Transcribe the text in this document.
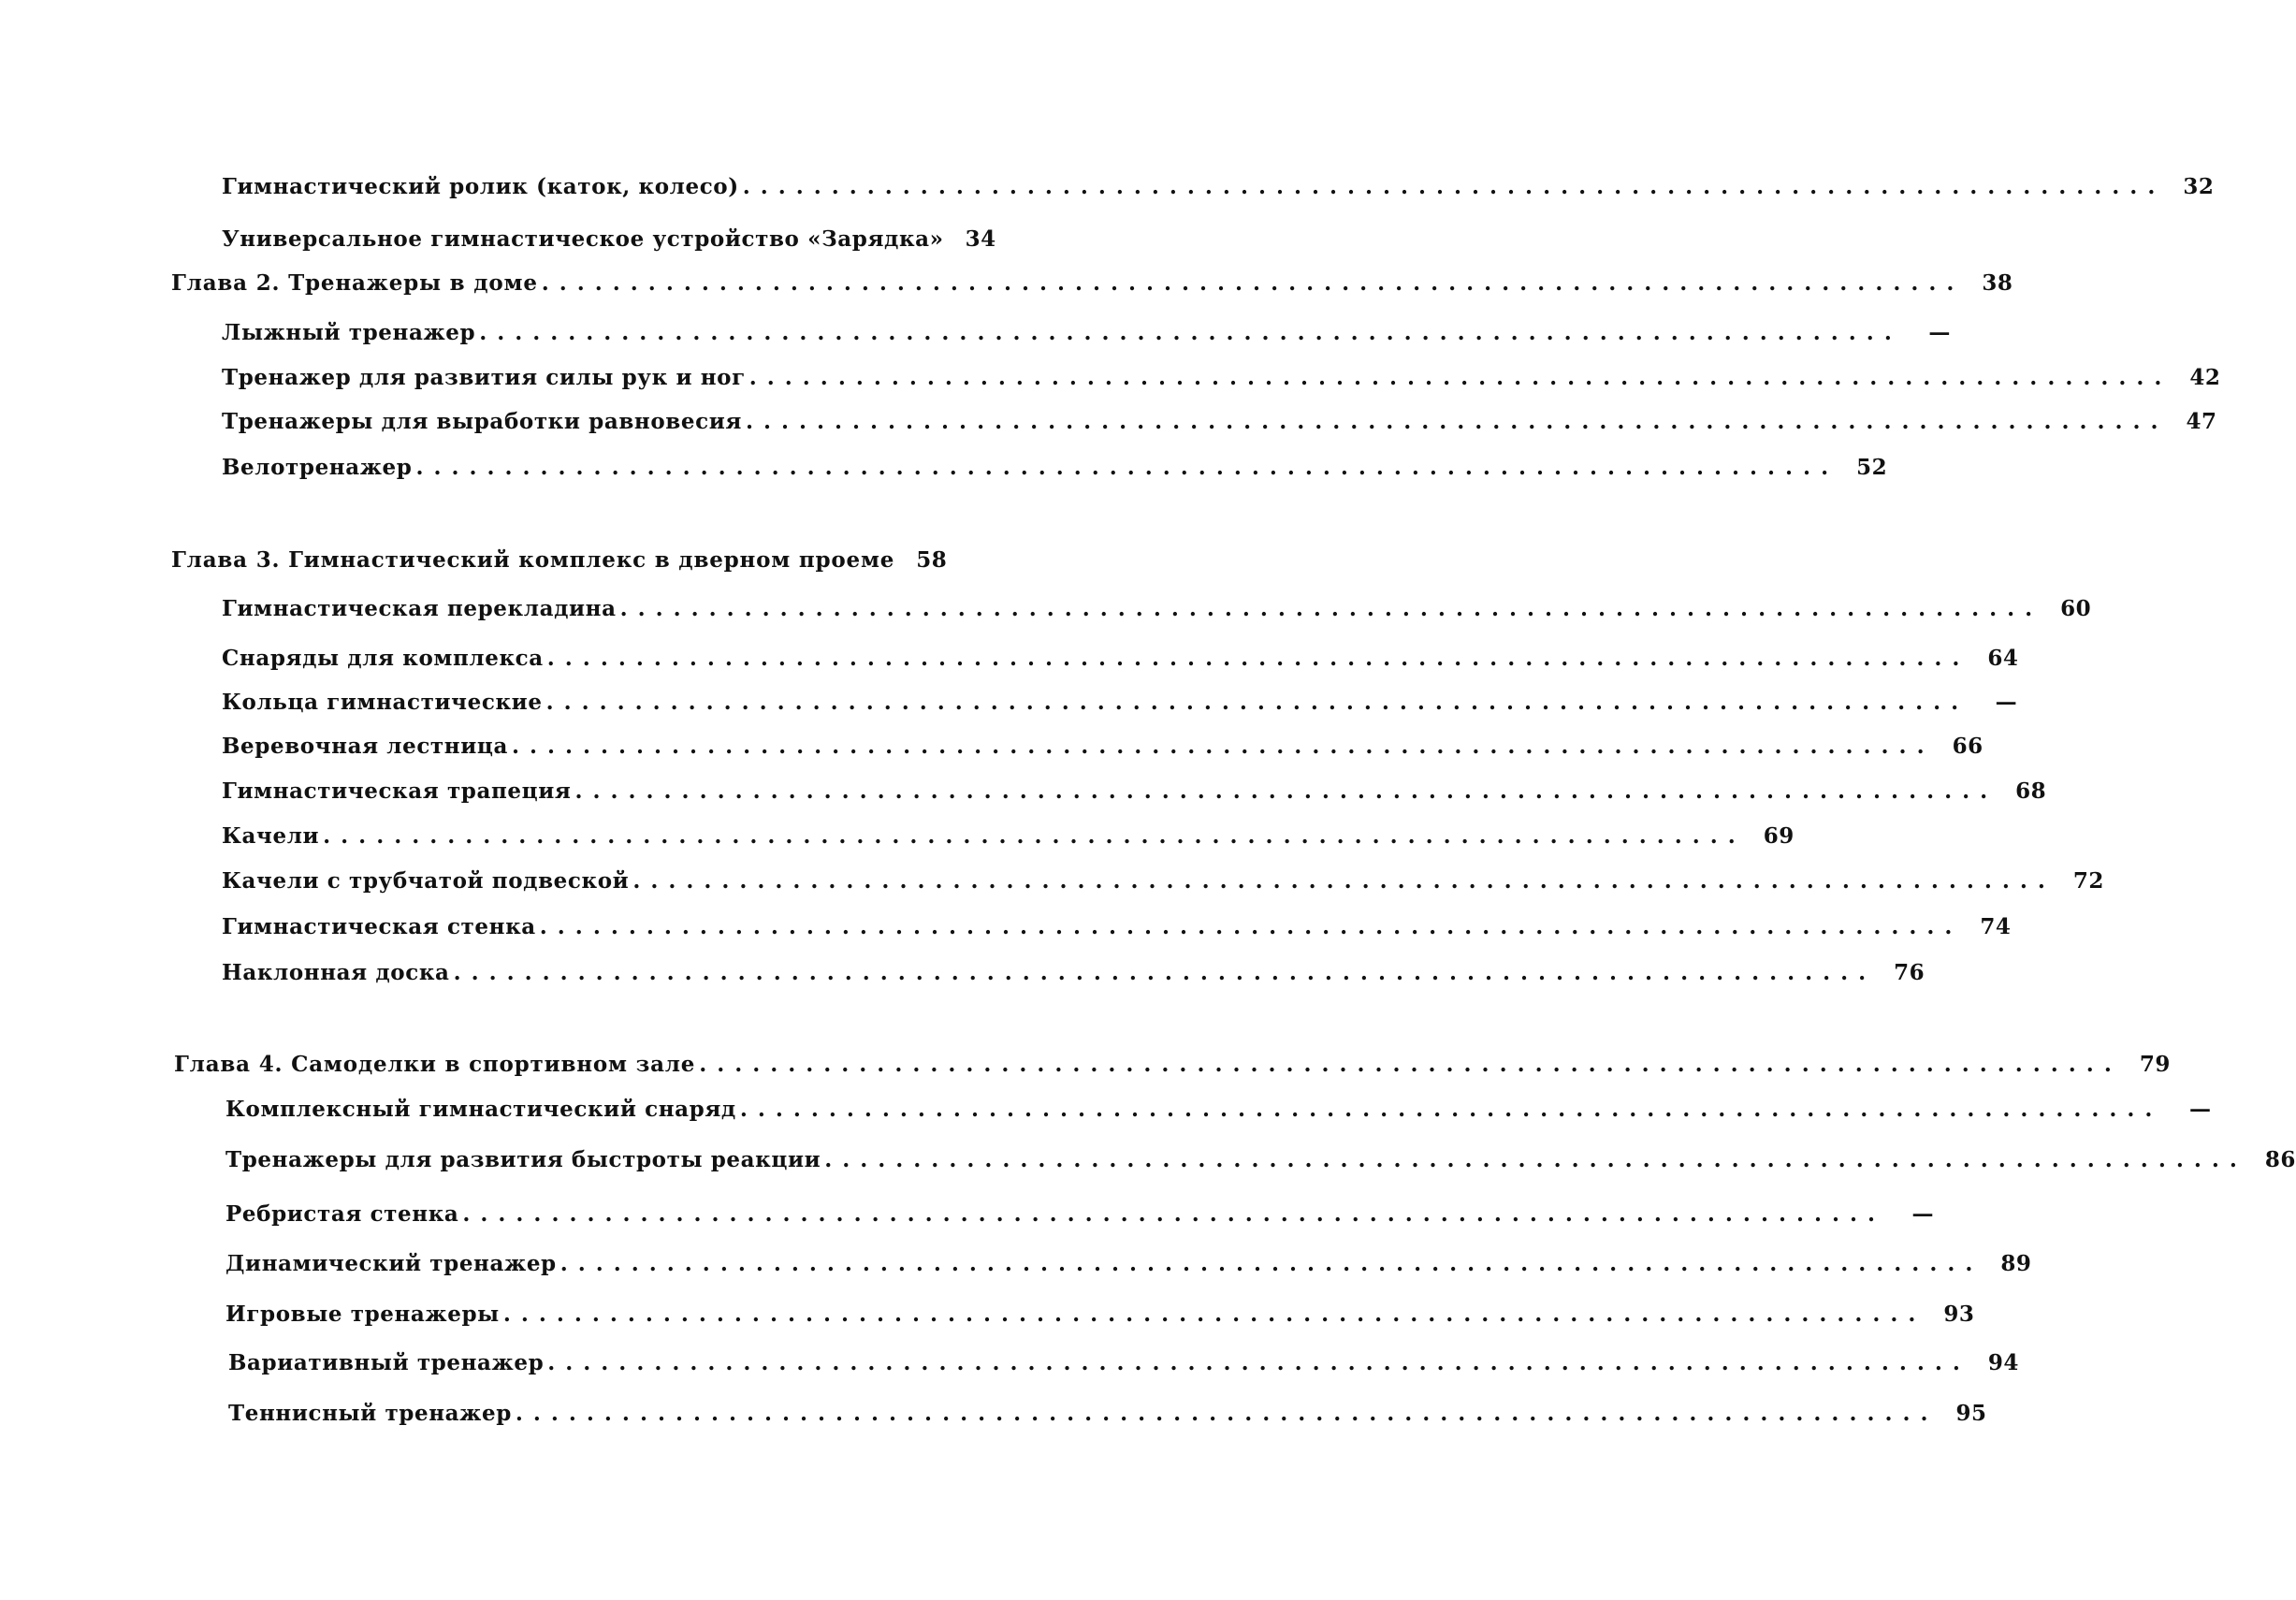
Гимнастический ролик (каток, колесо) ................................................................................ 32
Универсальное гимнастическое устройство «Зарядка» 34
Глава 2. Тренажеры в доме ................................................................................ 38
Лыжный тренажер ................................................................................	—
Тренажер для развития силы рук и ног ................................................................................ 42
Тренажеры для выработки равновесия ................................................................................ 47
Велотренажер ................................................................................ 52
Глава 3. Гимнастический комплекс в дверном проеме 58
Гимнастическая перекладина ................................................................................ 60
Снаряды для комплекса ................................................................................ 64
Кольца гимнастические ................................................................................	—
Веревочная лестница ................................................................................ 66
Гимнастическая трапеция ................................................................................ 68
Качели ................................................................................ 69
Качели с трубчатой подвеской ................................................................................ 72
Гимнастическая стенка ................................................................................ 74
Наклонная доска ................................................................................ 76
Глава 4. Самоделки в спортивном зале ................................................................................ 79
Комплексный гимнастический снаряд ................................................................................	—
Тренажеры для развития быстроты реакции ................................................................................ 86
Ребристая стенка ................................................................................	—
Динамический тренажер ................................................................................ 89
Игровые тренажеры ................................................................................ 93
Вариативный тренажер ................................................................................ 94
Теннисный тренажер ................................................................................ 95
